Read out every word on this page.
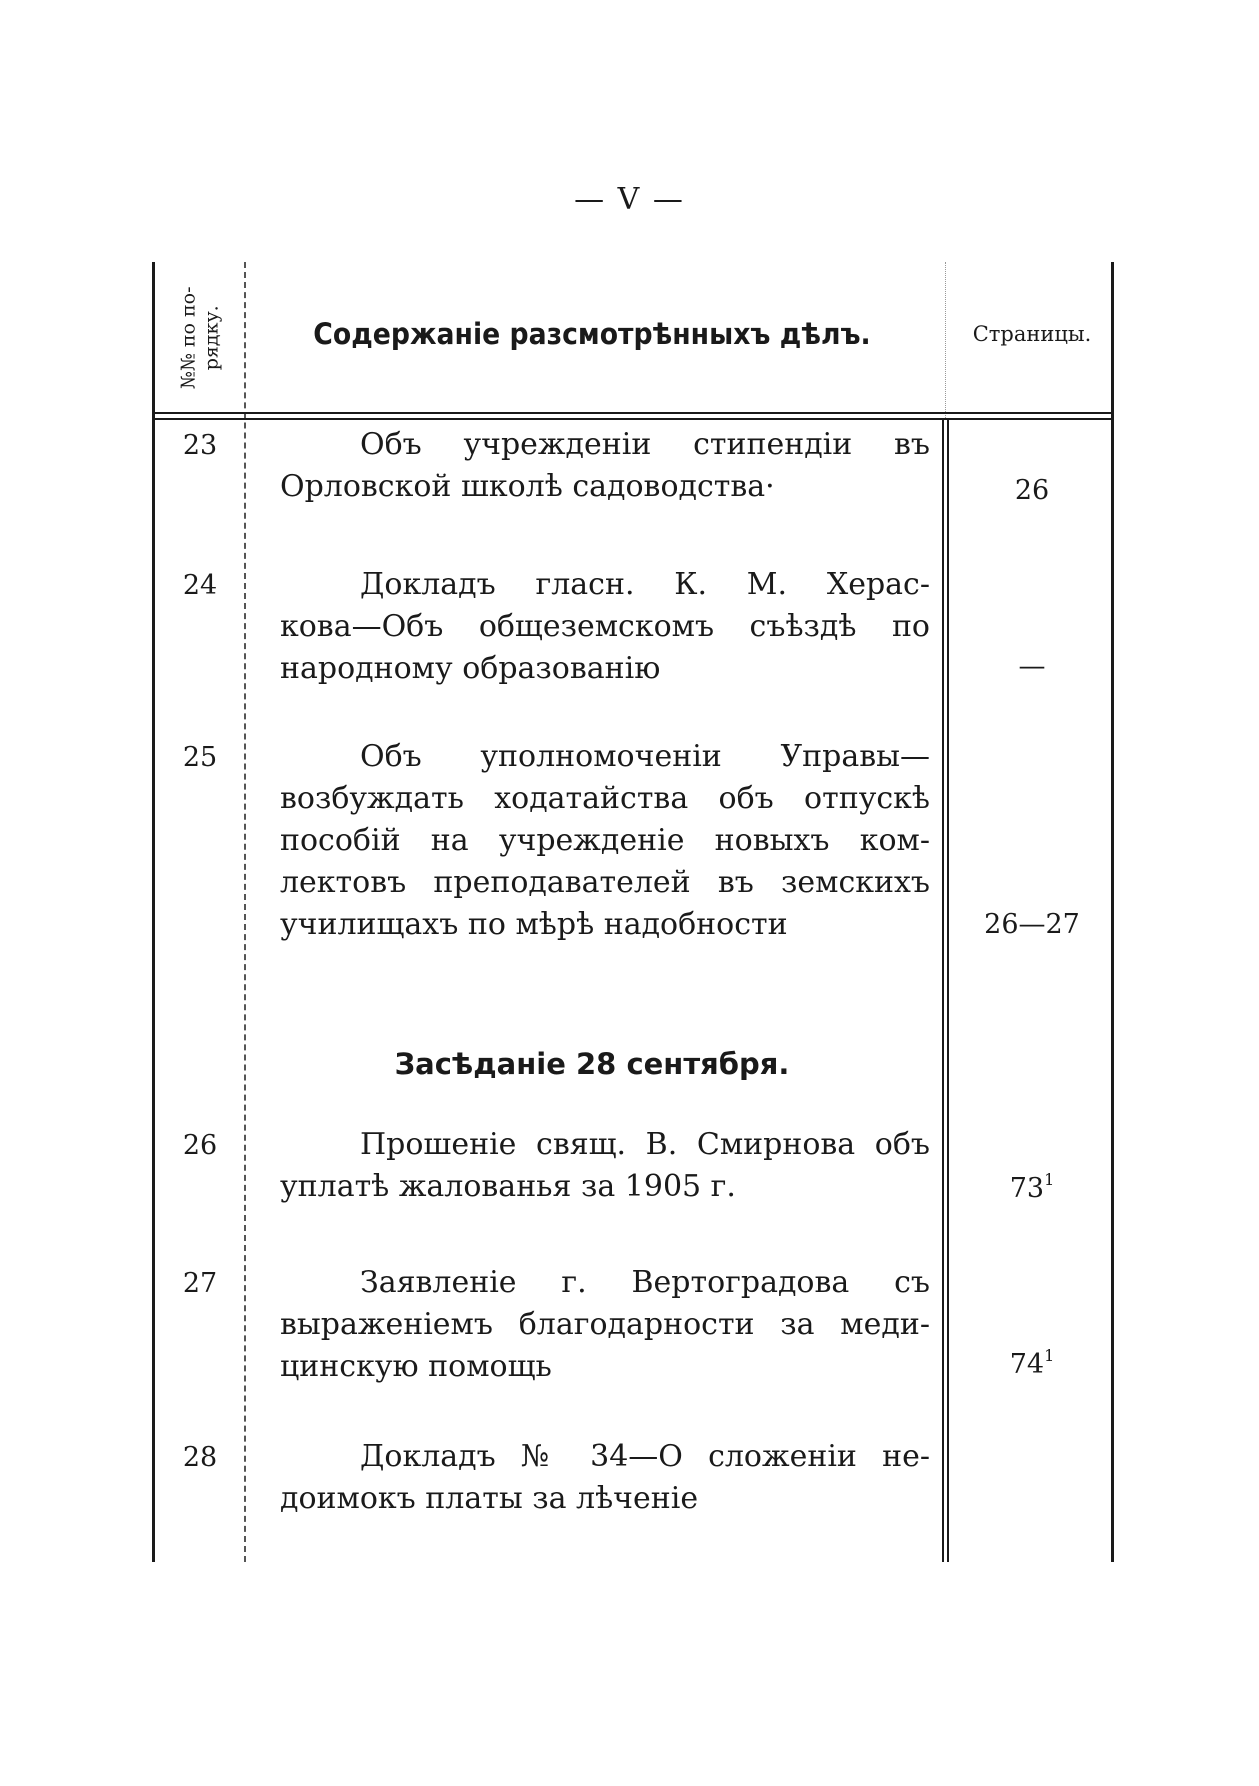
— V —
№№ по по- рядку.	Содержаніе разсмотрѣнныхъ дѣлъ.	Страницы.
23	Объ учрежденіи стипендіи въ
Орловской школѣ садоводства·	26
24	Докладъ гласн. К. М. Херас-
кова—Объ общеземскомъ съѣздѣ по
народному образованію	—
25	Объ уполномоченіи Управы—
возбуждать ходатайства объ отпускѣ
пособій на учрежденіе новыхъ ком-
лектовъ преподавателей въ земскихъ
училищахъ по мѣрѣ надобности	26—27
Засѣданіе 28 сентября.
26	Прошеніе свящ. В. Смирнова объ
уплатѣ жалованья за 1905 г.	$73^1$
27	Заявленіе г. Вертоградова съ
выраженіемъ благодарности за меди-
цинскую помощь	$74^1$
28	Докладъ № 34—О сложеніи не-
доимокъ платы за лѣченіе
